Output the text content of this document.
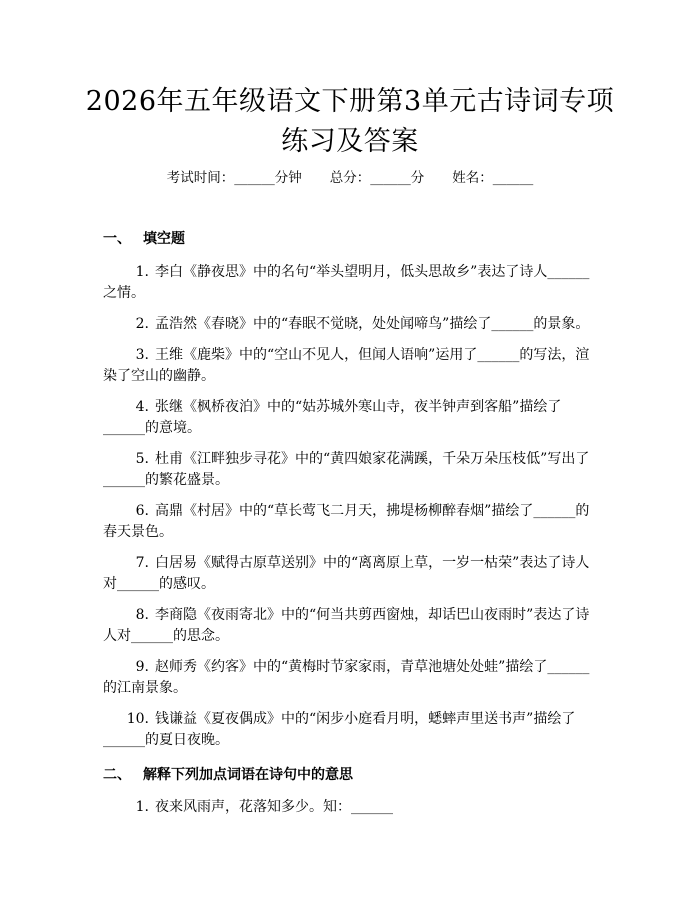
2026年五年级语文下册第3单元古诗词专项
练习及答案
考试时间：______分钟 总分：______分 姓名：______
一、 填空题
1. 李白《静夜思》中的名句“举头望明月，低头思故乡”表达了诗人______之情。
2. 孟浩然《春晓》中的“春眠不觉晓，处处闻啼鸟”描绘了______的景象。
3. 王维《鹿柴》中的“空山不见人，但闻人语响”运用了______的写法，渲染了空山的幽静。
4. 张继《枫桥夜泊》中的“姑苏城外寒山寺，夜半钟声到客船”描绘了______的意境。
5. 杜甫《江畔独步寻花》中的“黄四娘家花满蹊，千朵万朵压枝低”写出了______的繁花盛景。
6. 高鼎《村居》中的“草长莺飞二月天，拂堤杨柳醉春烟”描绘了______的春天景色。
7. 白居易《赋得古原草送别》中的“离离原上草，一岁一枯荣”表达了诗人对______的感叹。
8. 李商隐《夜雨寄北》中的“何当共剪西窗烛，却话巴山夜雨时”表达了诗人对______的思念。
9. 赵师秀《约客》中的“黄梅时节家家雨，青草池塘处处蛙”描绘了______的江南景象。
10. 钱谦益《夏夜偶成》中的“闲步小庭看月明，蟋蟀声里送书声”描绘了______的夏日夜晚。
二、 解释下列加点词语在诗句中的意思
1. 夜来风雨声，花落知多少。知：______
